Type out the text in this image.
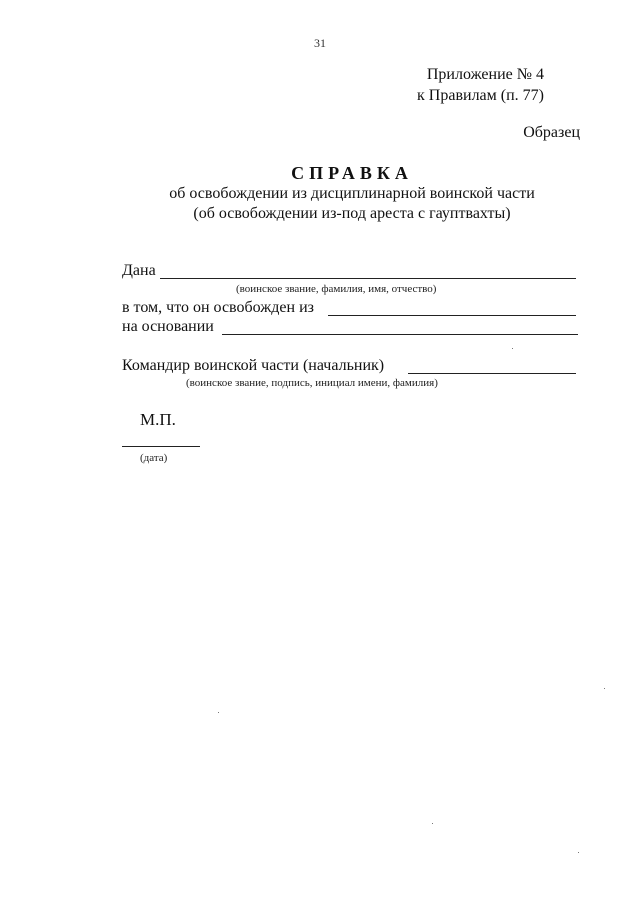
31
Приложение № 4
к Правилам (п. 77)
Образец
СПРАВКА
об освобождении из дисциплинарной воинской части
(об освобождении из-под ареста с гауптвахты)
Дана
(воинское звание, фамилия, имя, отчество)
в том, что он освобожден из
на основании
Командир воинской части (начальник)
(воинское звание, подпись, инициал имени, фамилия)
М.П.
(дата)
